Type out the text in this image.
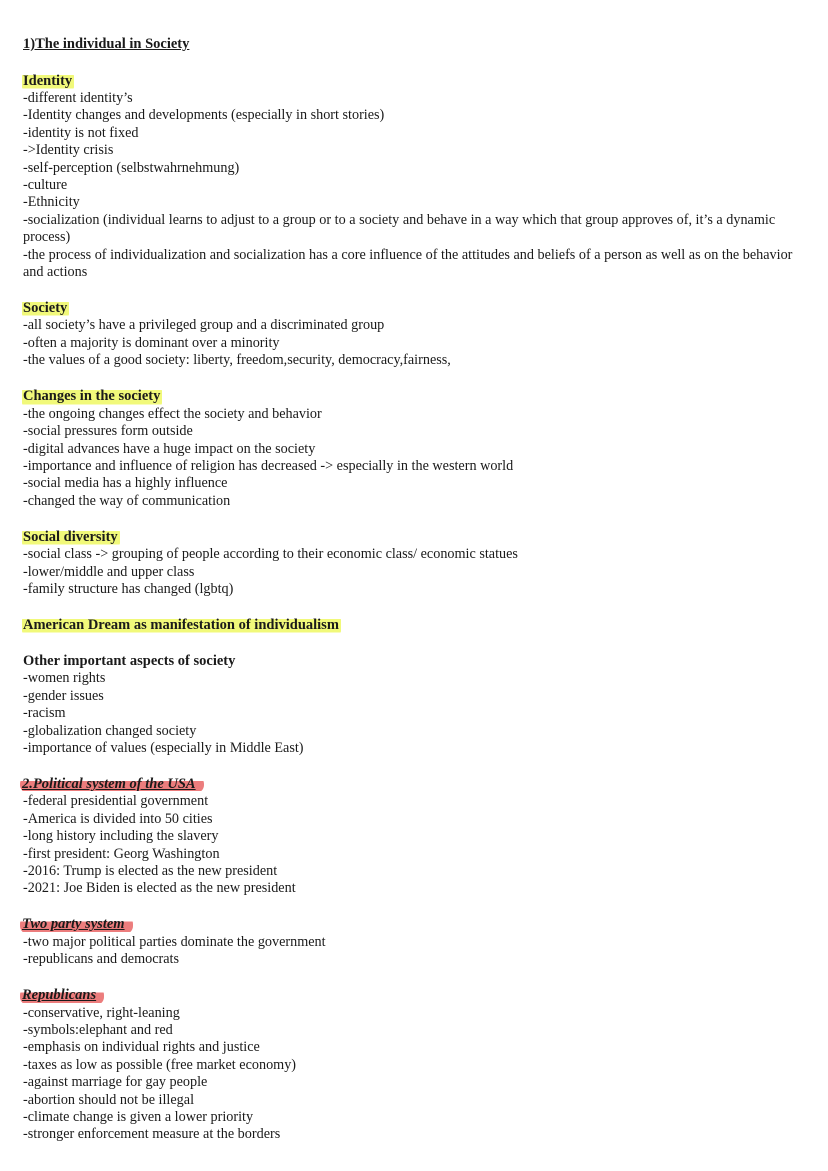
1)The individual in Society
Identity
-different identity’s
-Identity changes and developments (especially in short stories)
-identity is not fixed
->Identity crisis
-self-perception (selbstwahrnehmung)
-culture
-Ethnicity
-socialization (individual learns to adjust to a group or to a society and behave in a way which that group approves of, it’s a dynamic process)
-the process of individualization and socialization has a core influence of the attitudes and beliefs of a person as well as on the behavior and actions
Society
-all society’s have a privileged group and a discriminated group
-often a majority is dominant over a minority
-the values of a good society: liberty, freedom,security, democracy,fairness,
Changes in the society
-the ongoing changes effect the society and behavior
-social pressures form outside
-digital advances have a huge impact on the society
-importance and influence of religion has decreased -> especially in the western world
-social media has a highly influence
-changed the way of communication
Social diversity
-social class -> grouping of people according to their economic class/ economic statues
-lower/middle and upper class
-family structure has changed (lgbtq)
American Dream as manifestation of individualism
Other important aspects of society
-women rights
-gender issues
-racism
-globalization changed society
-importance of values (especially in Middle East)
2.Political system of the USA
-federal presidential government
-America is divided into 50 cities
-long history including the slavery
-first president: Georg Washington
-2016: Trump is elected as the new president
-2021: Joe Biden is elected as the new president
Two party system
-two major political parties dominate the government
-republicans and democrats
Republicans
-conservative, right-leaning
-symbols:elephant and red
-emphasis on individual rights and justice
-taxes as low as possible (free market economy)
-against marriage for gay people
-abortion should not be illegal
-climate change is given a lower priority
-stronger enforcement measure at the borders
